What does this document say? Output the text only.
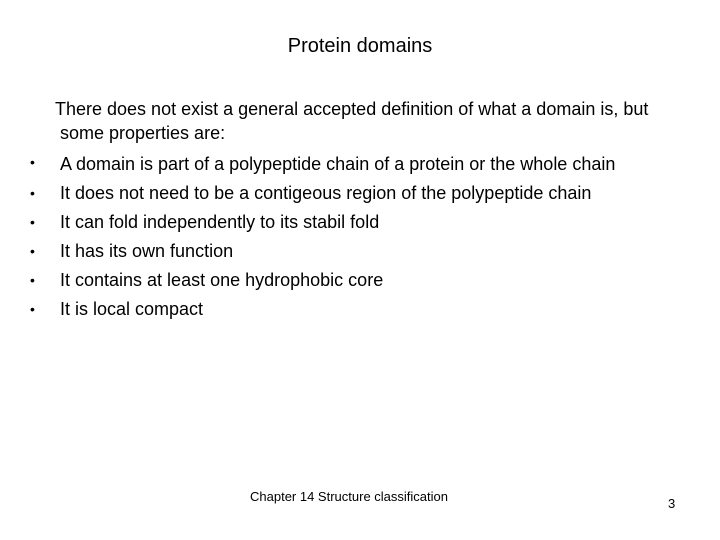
Protein domains

There does not exist a general accepted definition of what a domain is, but some properties are:

• A domain is part of a polypeptide chain of a protein or the whole chain
• It does not need to be a contigeous region of the polypeptide chain
• It can fold independently to its stabil fold
• It has its own function
• It contains at least one hydrophobic core
• It is local compact
Chapter 14 Structure classification	3
